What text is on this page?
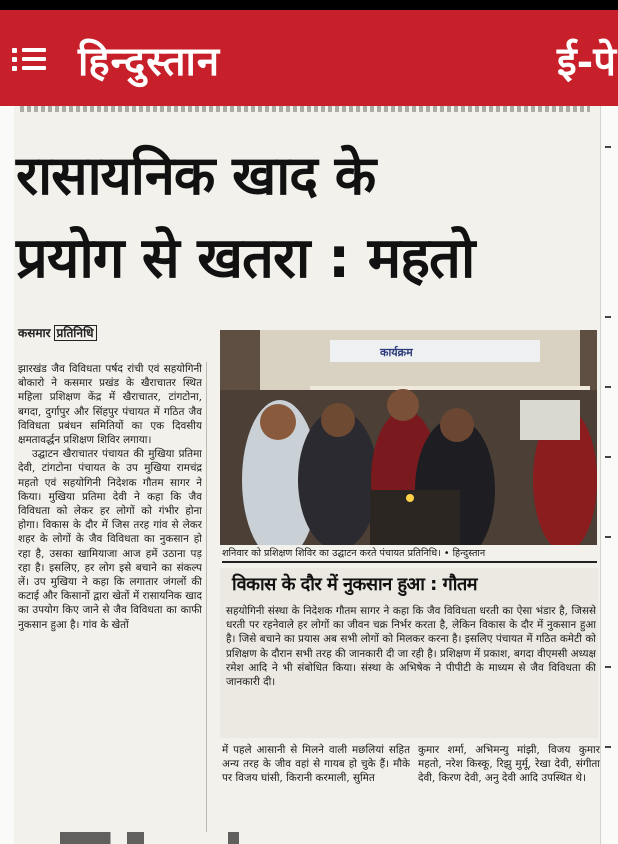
हिन्दुस्तान	ई-पे
रासायनिक खाद के
प्रयोग से खतरा : महतो
कसमार प्रतिनिधि

झारखंड जैव विविधता पर्षद रांची एवं सहयोगिनी बोकारो ने कसमार प्रखंड के खैराचातर स्थित महिला प्रशिक्षण केंद्र में खैराचातर, टांगटोना, बगदा, दुर्गापुर और सिंहपुर पंचायत में गठित जैव विविधता प्रबंधन समितियों का एक दिवसीय क्षमतावर्द्धन प्रशिक्षण शिविर लगाया।

उद्घाटन खैराचातर पंचायत की मुखिया प्रतिमा देवी, टांगटोना पंचायत के उप मुखिया रामचंद्र महतो एवं सहयोगिनी निदेशक गौतम सागर ने किया। मुखिया प्रतिमा देवी ने कहा कि जैव विविधता को लेकर हर लोगों को गंभीर होना होगा। विकास के दौर में जिस तरह गांव से लेकर शहर के लोगों के जैव विविधता का नुकसान हो रहा है, उसका खामियाजा आज हमें उठाना पड़ रहा है। इसलिए, हर लोग इसे बचाने का संकल्प लें। उप मुखिया ने कहा कि लगातार जंगलों की कटाई और किसानों द्वारा खेतों में रासायनिक खाद का उपयोग किए जाने से जैव विविधता का काफी नुकसान हुआ है। गांव के खेतों

कार्यक्रम
शनिवार को प्रशिक्षण शिविर का उद्घाटन करते पंचायत प्रतिनिधि। • हिन्दुस्तान
विकास के दौर में नुकसान हुआ : गौतम

सहयोगिनी संस्था के निदेशक गौतम सागर ने कहा कि जैव विविधता धरती का ऐसा भंडार है, जिससे धरती पर रहनेवाले हर लोगों का जीवन चक्र निर्भर करता है, लेकिन विकास के दौर में नुकसान हुआ है। जिसे बचाने का प्रयास अब सभी लोगों को मिलकर करना है। इसलिए पंचायत में गठित कमेटी को प्रशिक्षण के दौरान सभी तरह की जानकारी दी जा रही है। प्रशिक्षण में प्रकाश, बगदा वीएमसी अध्यक्ष रमेश आदि ने भी संबोधित किया। संस्था के अभिषेक ने पीपीटी के माध्यम से जैव विविधता की जानकारी दी।

में पहले आसानी से मिलने वाली मछलियां सहित अन्य तरह के जीव वहां से गायब हो चुके हैं। मौके पर विजय घांसी, किरानी करमाली, सुमित

कुमार शर्मा, अभिमन्यु मांझी, विजय कुमार महतो, नरेश किस्कू, रिझु मुर्मू, रेखा देवी, संगीता देवी, किरण देवी, अनु देवी आदि उपस्थित थे।
